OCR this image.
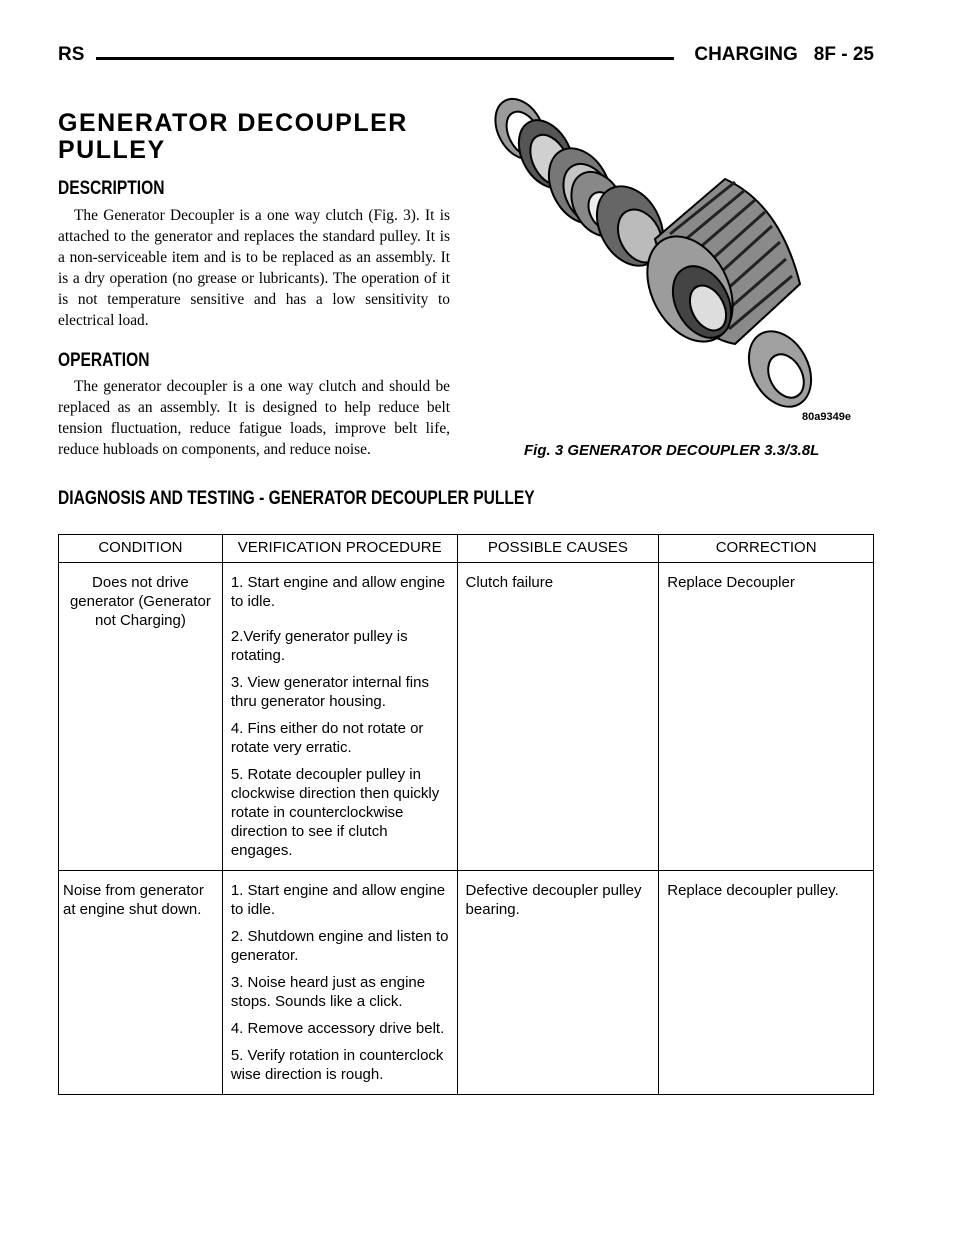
RS	CHARGING 8F - 25
GENERATOR DECOUPLER
PULLEY
DESCRIPTION
The Generator Decoupler is a one way clutch (Fig. 3). It is attached to the generator and replaces the standard pulley. It is a non-serviceable item and is to be replaced as an assembly. It is a dry operation (no grease or lubricants). The operation of it is not temperature sensitive and has a low sensitivity to electrical load.
OPERATION
The generator decoupler is a one way clutch and should be replaced as an assembly. It is designed to help reduce belt tension fluctuation, reduce fatigue loads, improve belt life, reduce hubloads on components, and reduce noise.
80a9349e
Fig. 3 GENERATOR DECOUPLER 3.3/3.8L
DIAGNOSIS AND TESTING - GENERATOR DECOUPLER PULLEY
CONDITION	VERIFICATION PROCEDURE	POSSIBLE CAUSES	CORRECTION
Does not drive generator (Generator not Charging)	1. Start engine and allow engine to idle.
2.Verify generator pulley is rotating.
3. View generator internal fins thru generator housing.
4. Fins either do not rotate or rotate very erratic.
5. Rotate decoupler pulley in clockwise direction then quickly rotate in counterclockwise direction to see if clutch engages.	Clutch failure	Replace Decoupler
Noise from generator at engine shut down.	1. Start engine and allow engine to idle.
2. Shutdown engine and listen to generator.
3. Noise heard just as engine stops. Sounds like a click.
4. Remove accessory drive belt.
5. Verify rotation in counterclock wise direction is rough.	Defective decoupler pulley bearing.	Replace decoupler pulley.
